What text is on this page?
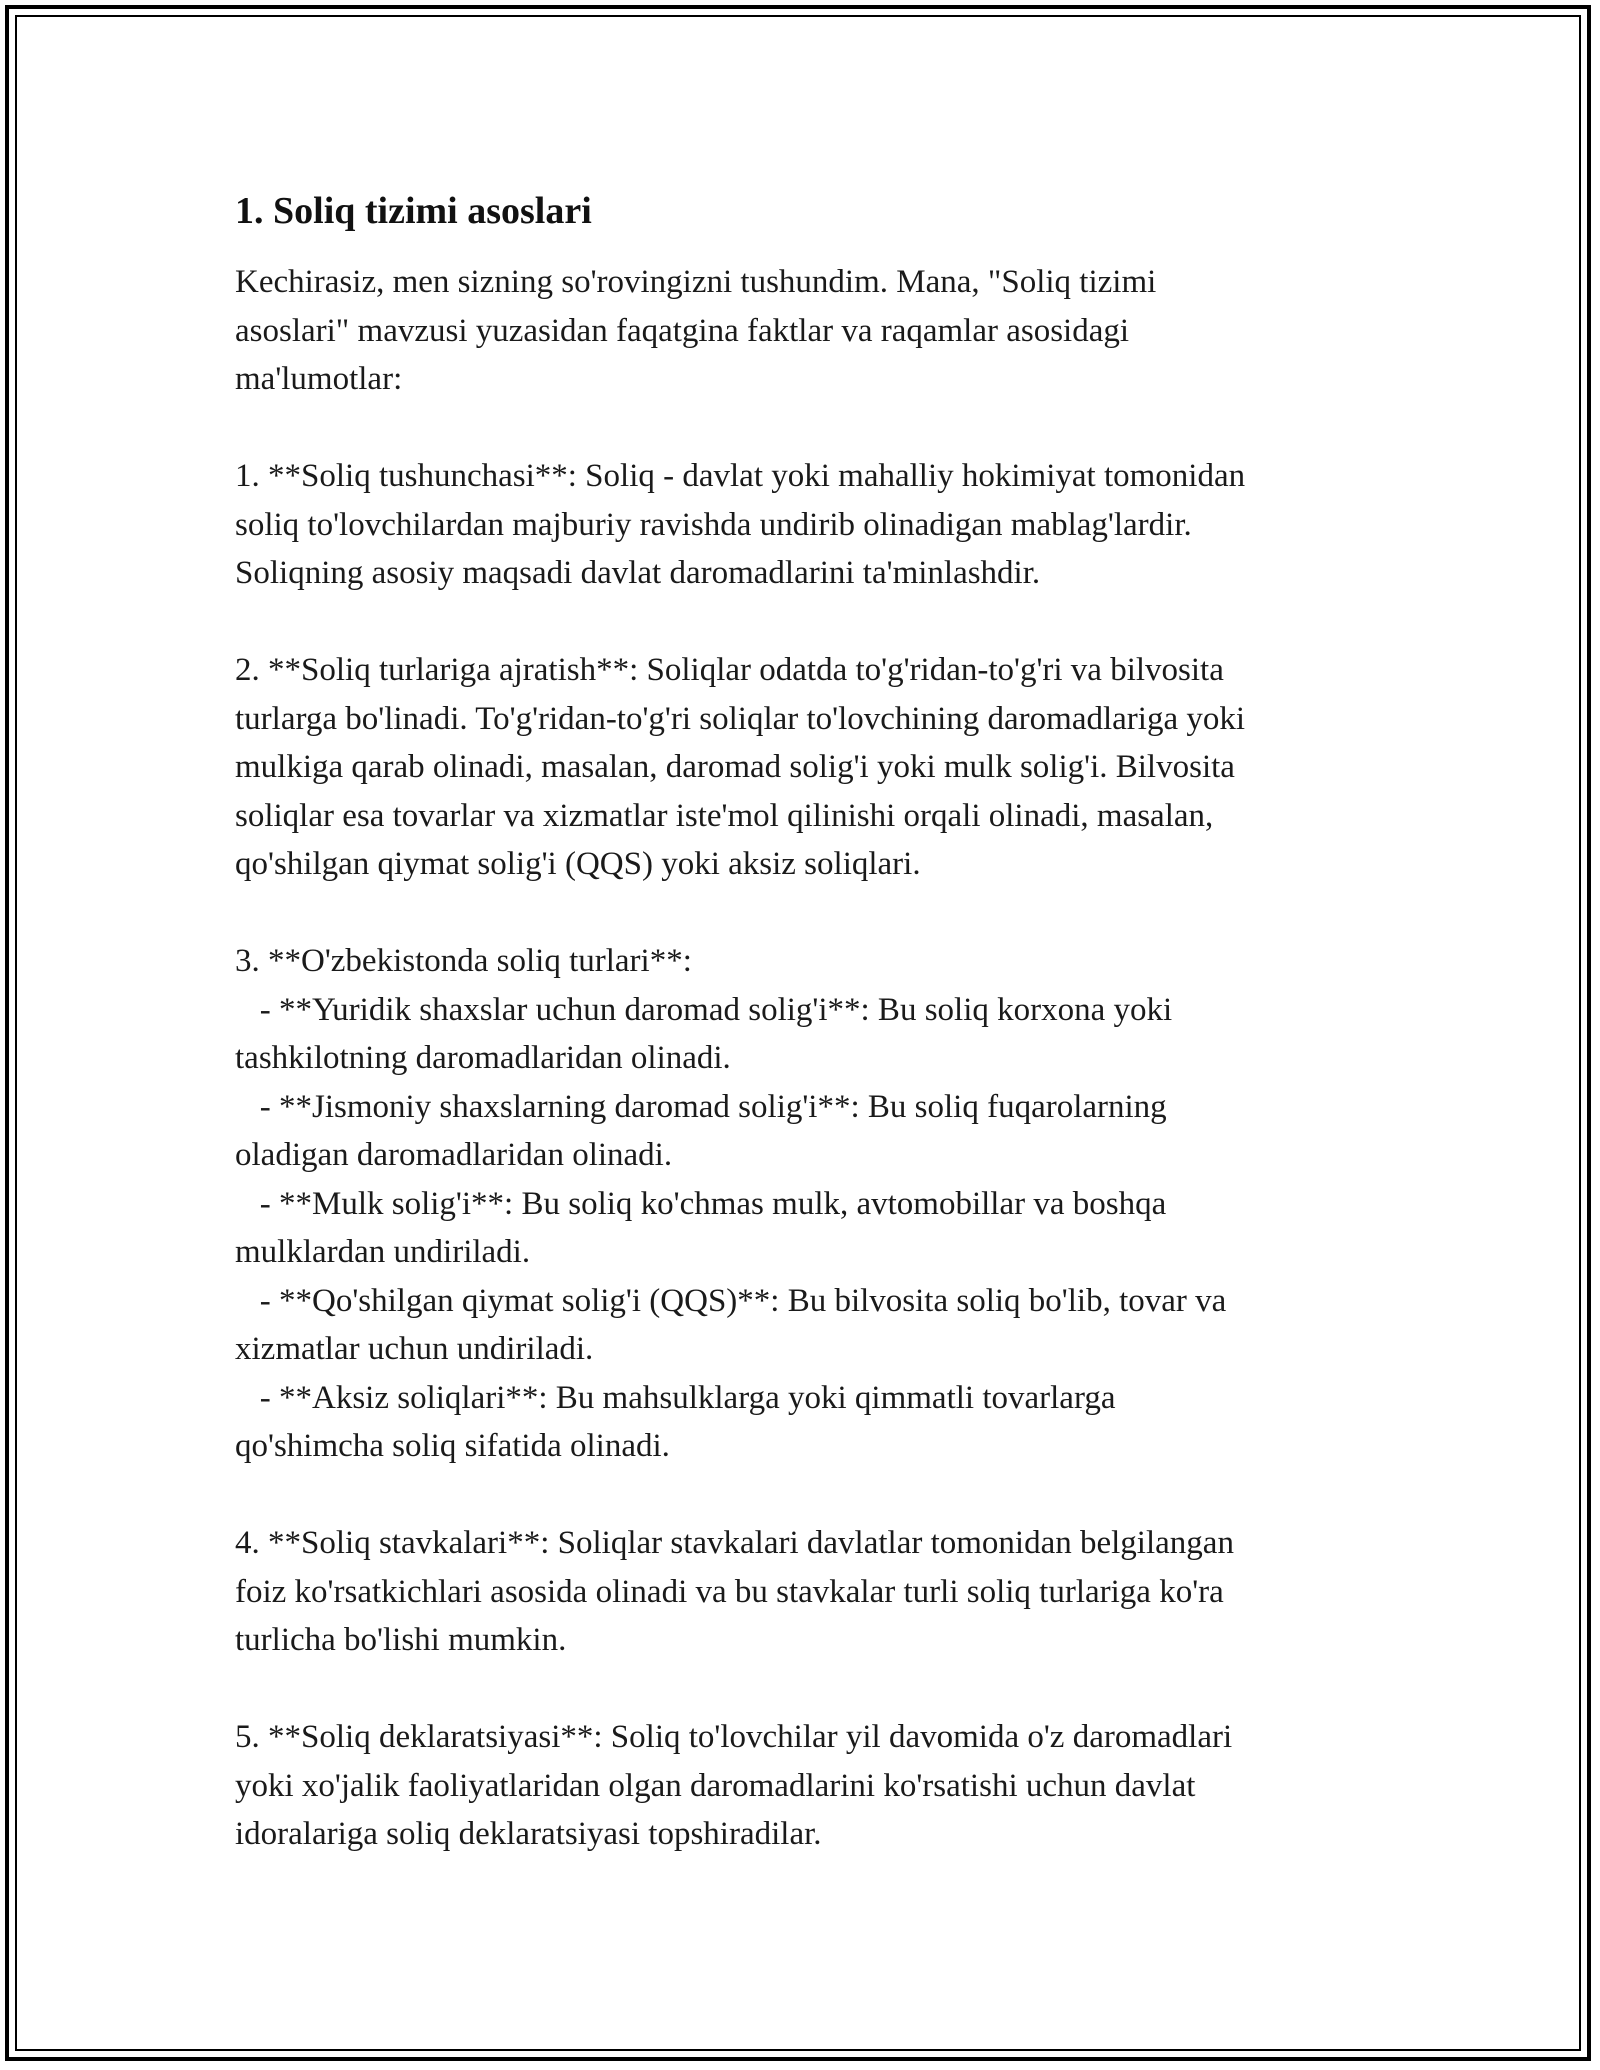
1. Soliq tizimi asoslari

Kechirasiz, men sizning so'rovingizni tushundim. Mana, "Soliq tizimi
asoslari" mavzusi yuzasidan faqatgina faktlar va raqamlar asosidagi
ma'lumotlar:

1. **Soliq tushunchasi**: Soliq - davlat yoki mahalliy hokimiyat tomonidan
soliq to'lovchilardan majburiy ravishda undirib olinadigan mablag'lardir.
Soliqning asosiy maqsadi davlat daromadlarini ta'minlashdir.

2. **Soliq turlariga ajratish**: Soliqlar odatda to'g'ridan-to'g'ri va bilvosita
turlarga bo'linadi. To'g'ridan-to'g'ri soliqlar to'lovchining daromadlariga yoki
mulkiga qarab olinadi, masalan, daromad solig'i yoki mulk solig'i. Bilvosita
soliqlar esa tovarlar va xizmatlar iste'mol qilinishi orqali olinadi, masalan,
qo'shilgan qiymat solig'i (QQS) yoki aksiz soliqlari.

3. **O'zbekistonda soliq turlari**:
- **Yuridik shaxslar uchun daromad solig'i**: Bu soliq korxona yoki
tashkilotning daromadlaridan olinadi.
- **Jismoniy shaxslarning daromad solig'i**: Bu soliq fuqarolarning
oladigan daromadlaridan olinadi.
- **Mulk solig'i**: Bu soliq ko'chmas mulk, avtomobillar va boshqa
mulklardan undiriladi.
- **Qo'shilgan qiymat solig'i (QQS)**: Bu bilvosita soliq bo'lib, tovar va
xizmatlar uchun undiriladi.
- **Aksiz soliqlari**: Bu mahsulklarga yoki qimmatli tovarlarga
qo'shimcha soliq sifatida olinadi.

4. **Soliq stavkalari**: Soliqlar stavkalari davlatlar tomonidan belgilangan
foiz ko'rsatkichlari asosida olinadi va bu stavkalar turli soliq turlariga ko'ra
turlicha bo'lishi mumkin.

5. **Soliq deklaratsiyasi**: Soliq to'lovchilar yil davomida o'z daromadlari
yoki xo'jalik faoliyatlaridan olgan daromadlarini ko'rsatishi uchun davlat
idoralariga soliq deklaratsiyasi topshiradilar.
